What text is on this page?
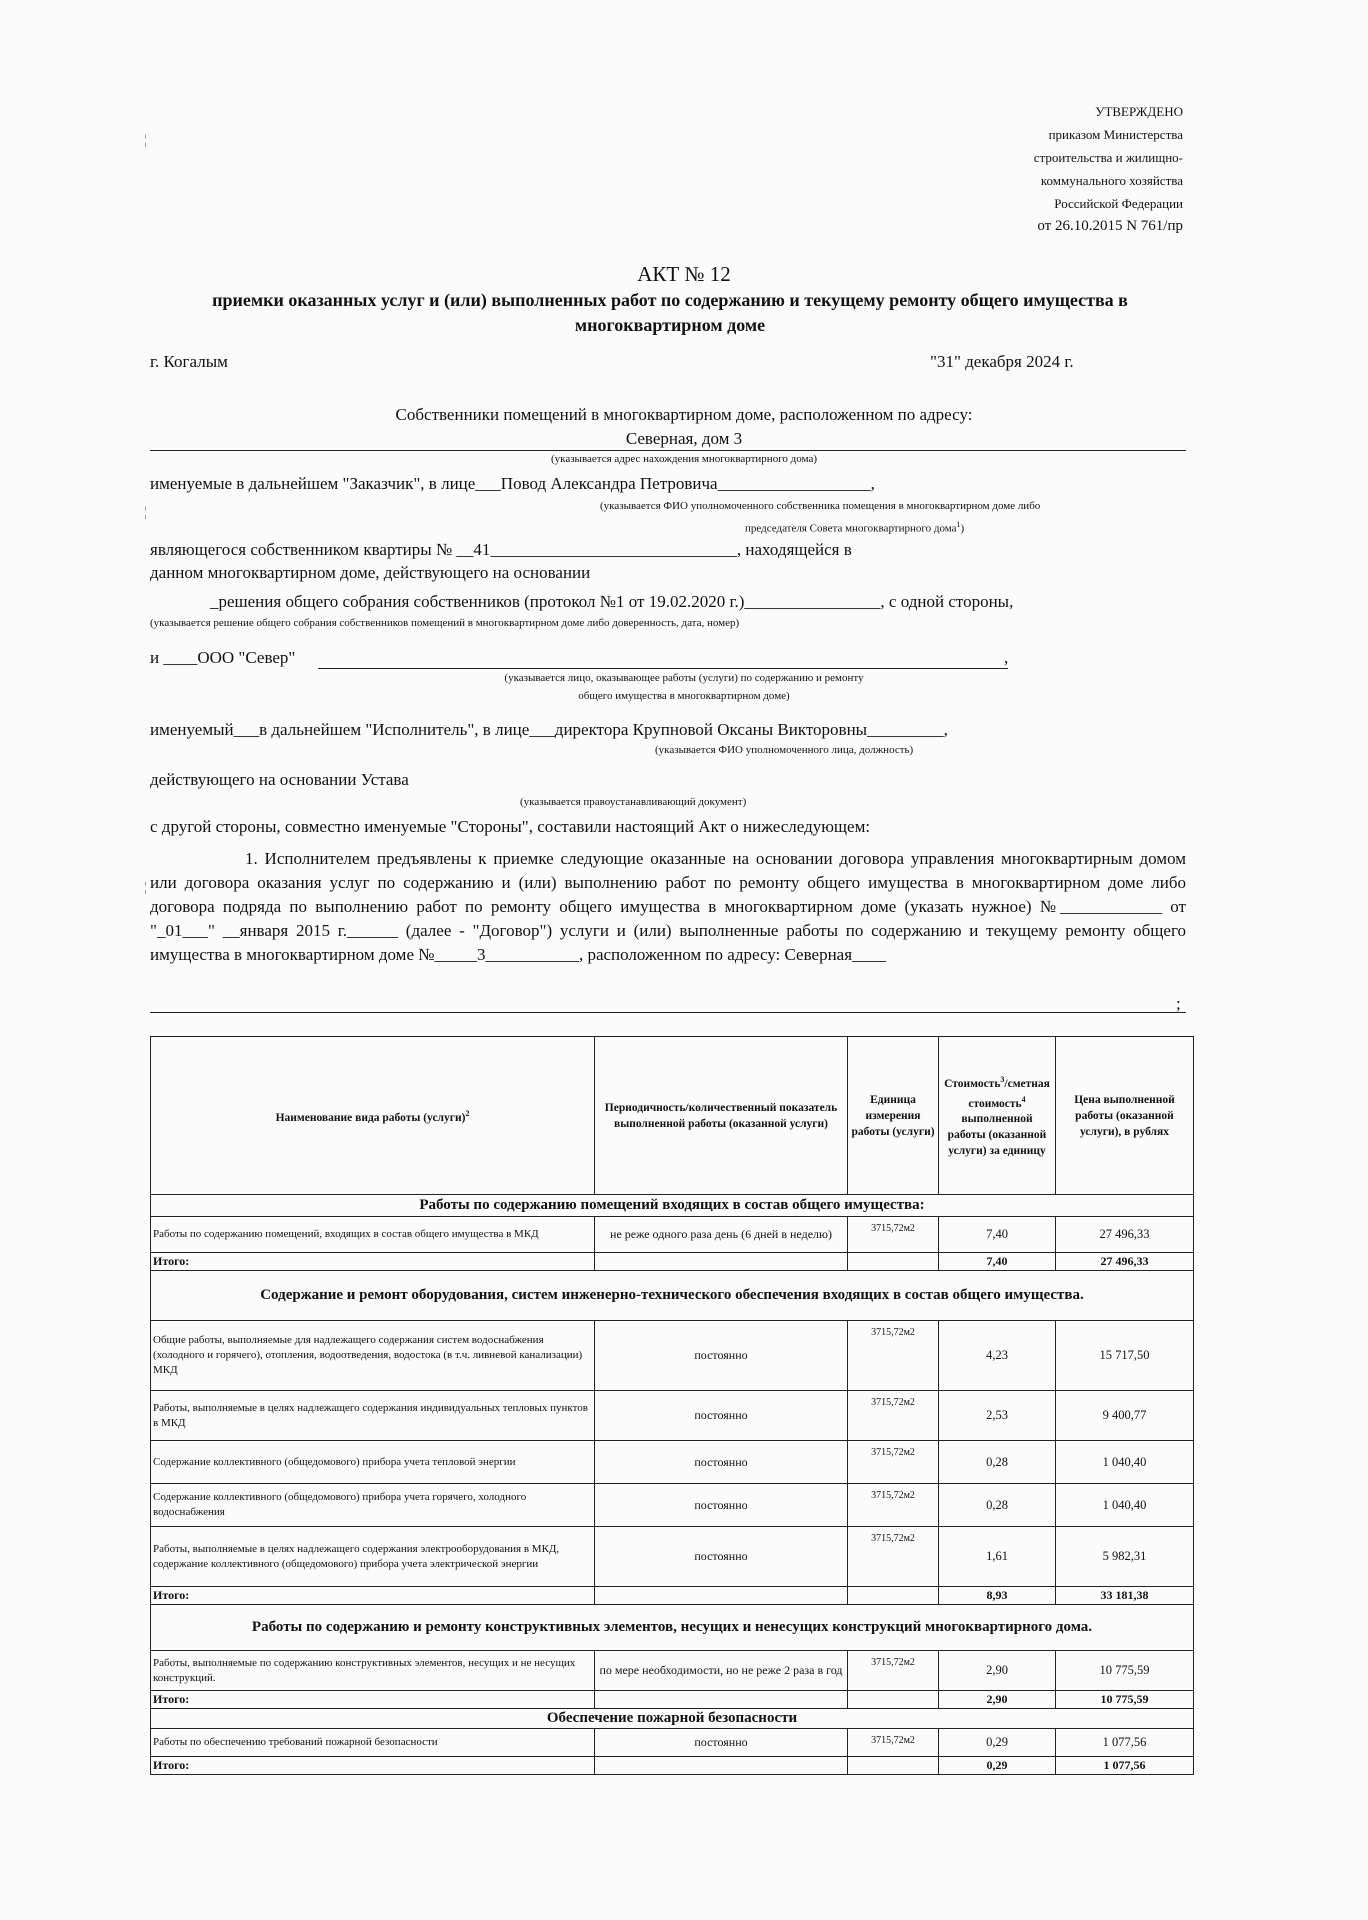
УТВЕРЖДЕНО
приказом Министерства
строительства и жилищно-
коммунального хозяйства
Российской Федерации
от 26.10.2015 N 761/пр
¦
¦
¦
АКТ № 12
приемки оказанных услуг и (или) выполненных работ по содержанию и текущему ремонту общего имущества в многоквартирном доме
г. Когалым	"31" декабря 2024 г.
Собственники помещений в многоквартирном доме, расположенном по адресу:
Северная, дом 3
(указывается адрес нахождения многоквартирного дома)
именуемые в дальнейшем "Заказчик", в лице___Повод Александра Петровича__________________,
(указывается ФИО уполномоченного собственника помещения в многоквартирном доме либо
председателя Совета многоквартирного дома$^1$)
являющегося собственником квартиры № __41_____________________________, находящейся в
данном многоквартирном доме, действующего на основании
_решения общего собрания собственников (протокол №1 от 19.02.2020 г.)________________, с одной стороны,
(указывается решение общего собрания собственников помещений в многоквартирном доме либо доверенность, дата, номер)
и ____ООО "Север"	,
(указывается лицо, оказывающее работы (услуги) по содержанию и ремонту
общего имущества в многоквартирном доме)
именуемый___в дальнейшем "Исполнитель", в лице___директора Крупновой Оксаны Викторовны_________,
(указывается ФИО уполномоченного лица, должность)
действующего на основании Устава
(указывается правоустанавливающий документ)
с другой стороны, совместно именуемые "Стороны", составили настоящий Акт о нижеследующем:
1. Исполнителем предъявлены к приемке следующие оказанные на основании договора управления многоквартирным домом или договора оказания услуг по содержанию и (или) выполнению работ по ремонту общего имущества в многоквартирном доме либо договора подряда по выполнению работ по ремонту общего имущества в многоквартирном доме (указать нужное) №____________ от "_01___" __января 2015 г.______ (далее - "Договор") услуги и (или) выполненные работы по содержанию и текущему ремонту общего имущества в многоквартирном доме №_____3___________, расположенном по адресу: Северная____
;
Наименование вида работы (услуги)$^2$	Периодичность/количественный показатель выполненной работы (оказанной услуги)	Единица измерения работы (услуги)	Стоимость$^3$/сметная стоимость$^4$ выполненной работы (оказанной услуги) за единицу	Цена выполненной работы (оказанной услуги), в рублях
Работы по содержанию помещений входящих в состав общего имущества:				
Работы по содержанию помещений, входящих в состав общего имущества в МКД	не реже одного раза день (6 дней в неделю)	3715,72м2	7,40	27 496,33
Итого:			7,40	27 496,33
Содержание и ремонт оборудования, систем инженерно-технического обеспечения входящих в состав общего имущества.				
Общие работы, выполняемые для надлежащего содержания систем водоснабжения (холодного и горячего), отопления, водоотведения, водостока (в т.ч. ливневой канализации) МКД	постоянно	3715,72м2	4,23	15 717,50
Работы, выполняемые в целях надлежащего содержания индивидуальных тепловых пунктов в МКД	постоянно	3715,72м2	2,53	9 400,77
Содержание коллективного (общедомового) прибора учета тепловой энергии	постоянно	3715,72м2	0,28	1 040,40
Содержание коллективного (общедомового) прибора учета горячего, холодного водоснабжения	постоянно	3715,72м2	0,28	1 040,40
Работы, выполняемые в целях надлежащего содержания электрооборудования в МКД, содержание коллективного (общедомового) прибора учета электрической энергии	постоянно	3715,72м2	1,61	5 982,31
Итого:			8,93	33 181,38
Работы по содержанию и ремонту конструктивных элементов, несущих и ненесущих конструкций многоквартирного дома.				
Работы, выполняемые по содержанию конструктивных элементов, несущих и не несущих конструкций.	по мере необходимости, но не реже 2 раза в год	3715,72м2	2,90	10 775,59
Итого:			2,90	10 775,59
Обеспечение пожарной безопасности				
Работы по обеспечению требований пожарной безопасности	постоянно	3715,72м2	0,29	1 077,56
Итого:			0,29	1 077,56
